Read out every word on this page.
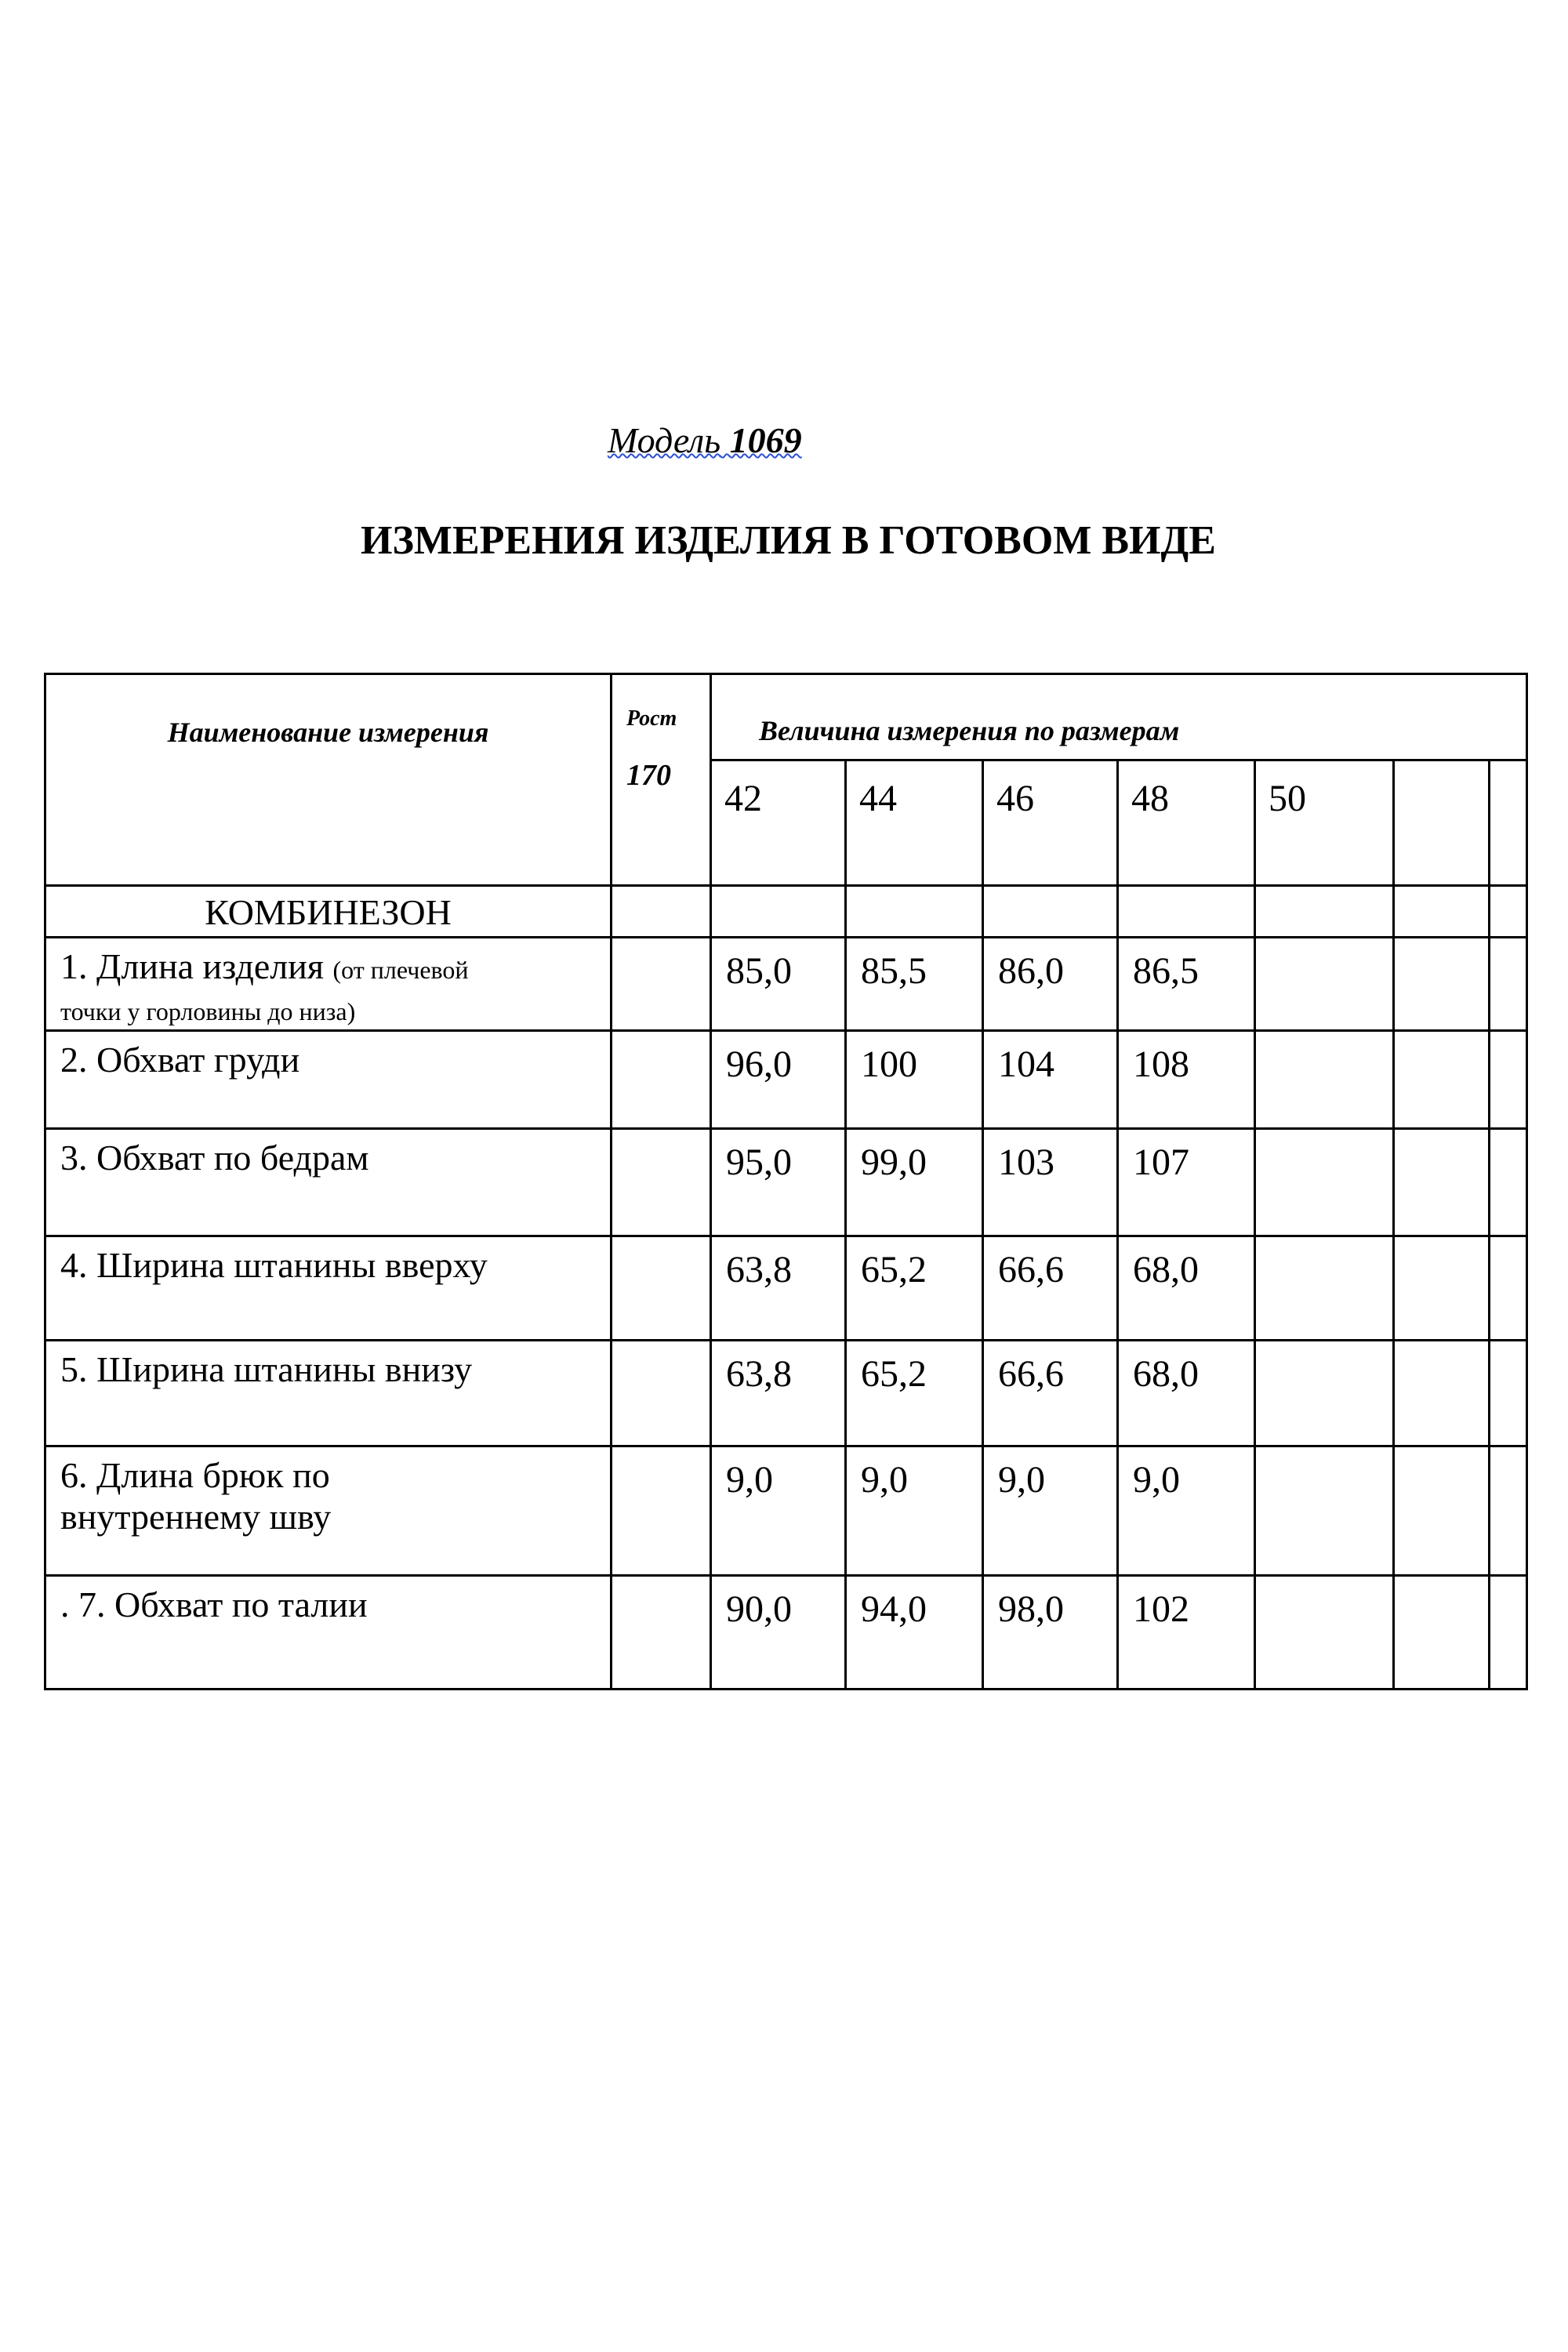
Модель 1069
ИЗМЕРЕНИЯ ИЗДЕЛИЯ В ГОТОВОМ ВИДЕ
Наименование измерения	Рост
170	Величина измерения по размерам						
		42	44	46	48	50		
КОМБИНЕЗОН								
1. Длина изделия (от плечевой
точки у горловины до низа)		85,0	85,5	86,0	86,5			
2. Обхват груди		96,0	100	104	108			
3. Обхват по бедрам		95,0	99,0	103	107			
4. Ширина штанины вверху		63,8	65,2	66,6	68,0			
5. Ширина штанины внизу		63,8	65,2	66,6	68,0			
6. Длина брюк по
внутреннему шву		9,0	9,0	9,0	9,0			
. 7. Обхват по талии		90,0	94,0	98,0	102			
